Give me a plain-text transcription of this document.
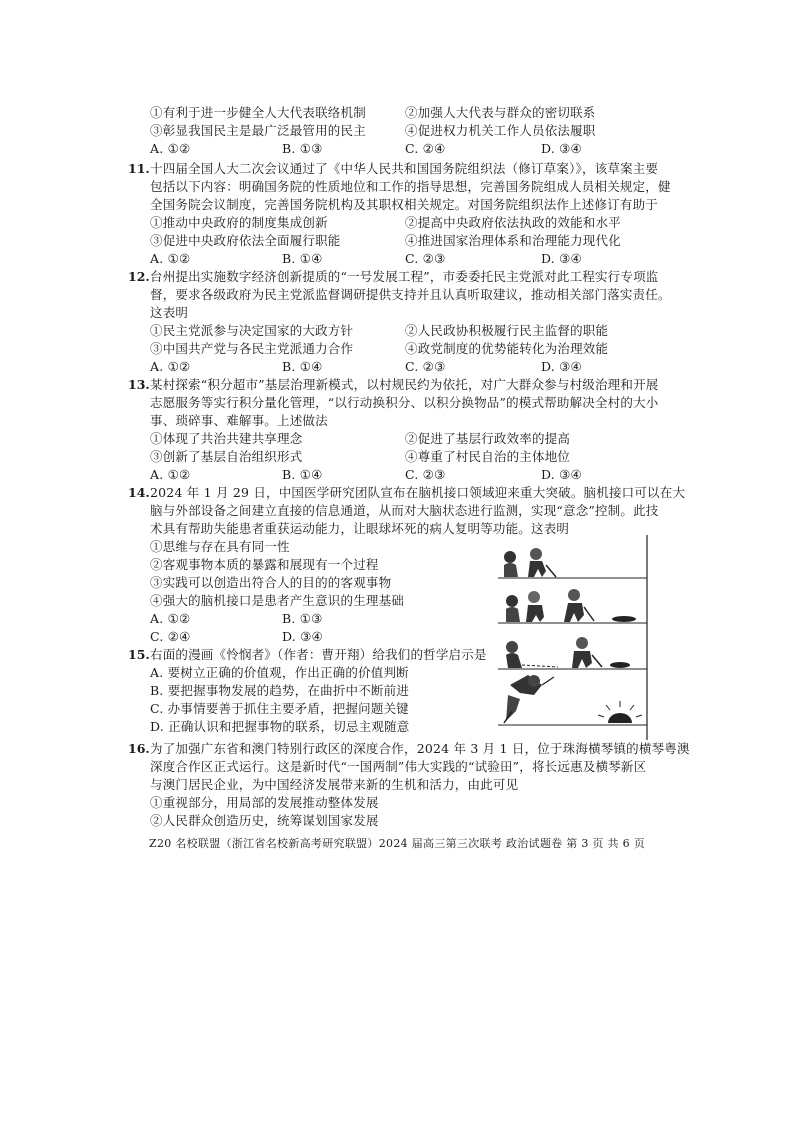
①有利于进一步健全人大代表联络机制	②加强人大代表与群众的密切联系
③彰显我国民主是最广泛最管用的民主	④促进权力机关工作人员依法履职
A. ①②	B. ①③	C. ②④	D. ③④
11. 十四届全国人大二次会议通过了《中华人民共和国国务院组织法（修订草案）》，该草案主要
包括以下内容：明确国务院的性质地位和工作的指导思想，完善国务院组成人员相关规定，健
全国务院会议制度，完善国务院机构及其职权相关规定。对国务院组织法作上述修订有助于
①推动中央政府的制度集成创新	②提高中央政府依法执政的效能和水平
③促进中央政府依法全面履行职能	④推进国家治理体系和治理能力现代化
A. ①②	B. ①④	C. ②③	D. ③④
12. 台州提出实施数字经济创新提质的“一号发展工程”，市委委托民主党派对此工程实行专项监
督，要求各级政府为民主党派监督调研提供支持并且认真听取建议，推动相关部门落实责任。
这表明
①民主党派参与决定国家的大政方针	②人民政协积极履行民主监督的职能
③中国共产党与各民主党派通力合作	④政党制度的优势能转化为治理效能
A. ①②	B. ①④	C. ②③	D. ③④
13. 某村探索“积分超市”基层治理新模式，以村规民约为依托，对广大群众参与村级治理和开展
志愿服务等实行积分量化管理，“以行动换积分、以积分换物品”的模式帮助解决全村的大小
事、琐碎事、难解事。上述做法
①体现了共治共建共享理念	②促进了基层行政效率的提高
③创新了基层自治组织形式	④尊重了村民自治的主体地位
A. ①②	B. ①④	C. ②③	D. ③④
14. 2024 年 1 月 29 日，中国医学研究团队宣布在脑机接口领域迎来重大突破。脑机接口可以在大
脑与外部设备之间建立直接的信息通道，从而对大脑状态进行监测，实现“意念”控制。此技
术具有帮助失能患者重获运动能力，让眼球坏死的病人复明等功能。这表明
①思维与存在具有同一性
②客观事物本质的暴露和展现有一个过程
③实践可以创造出符合人的目的的客观事物
④强大的脑机接口是患者产生意识的生理基础
A. ①②	B. ①③
C. ②④	D. ③④
15. 右面的漫画《怜悯者》（作者：曹开翔）给我们的哲学启示是
A. 要树立正确的价值观，作出正确的价值判断
B. 要把握事物发展的趋势，在曲折中不断前进
C. 办事情要善于抓住主要矛盾，把握问题关键
D. 正确认识和把握事物的联系，切忌主观随意
16. 为了加强广东省和澳门特别行政区的深度合作，2024 年 3 月 1 日，位于珠海横琴镇的横琴粤澳
深度合作区正式运行。这是新时代“一国两制”伟大实践的“试验田”，将长远惠及横琴新区
与澳门居民企业，为中国经济发展带来新的生机和活力，由此可见
①重视部分，用局部的发展推动整体发展
②人民群众创造历史，统筹谋划国家发展
Z20 名校联盟（浙江省名校新高考研究联盟）2024 届高三第三次联考 政治试题卷 第 3 页 共 6 页
